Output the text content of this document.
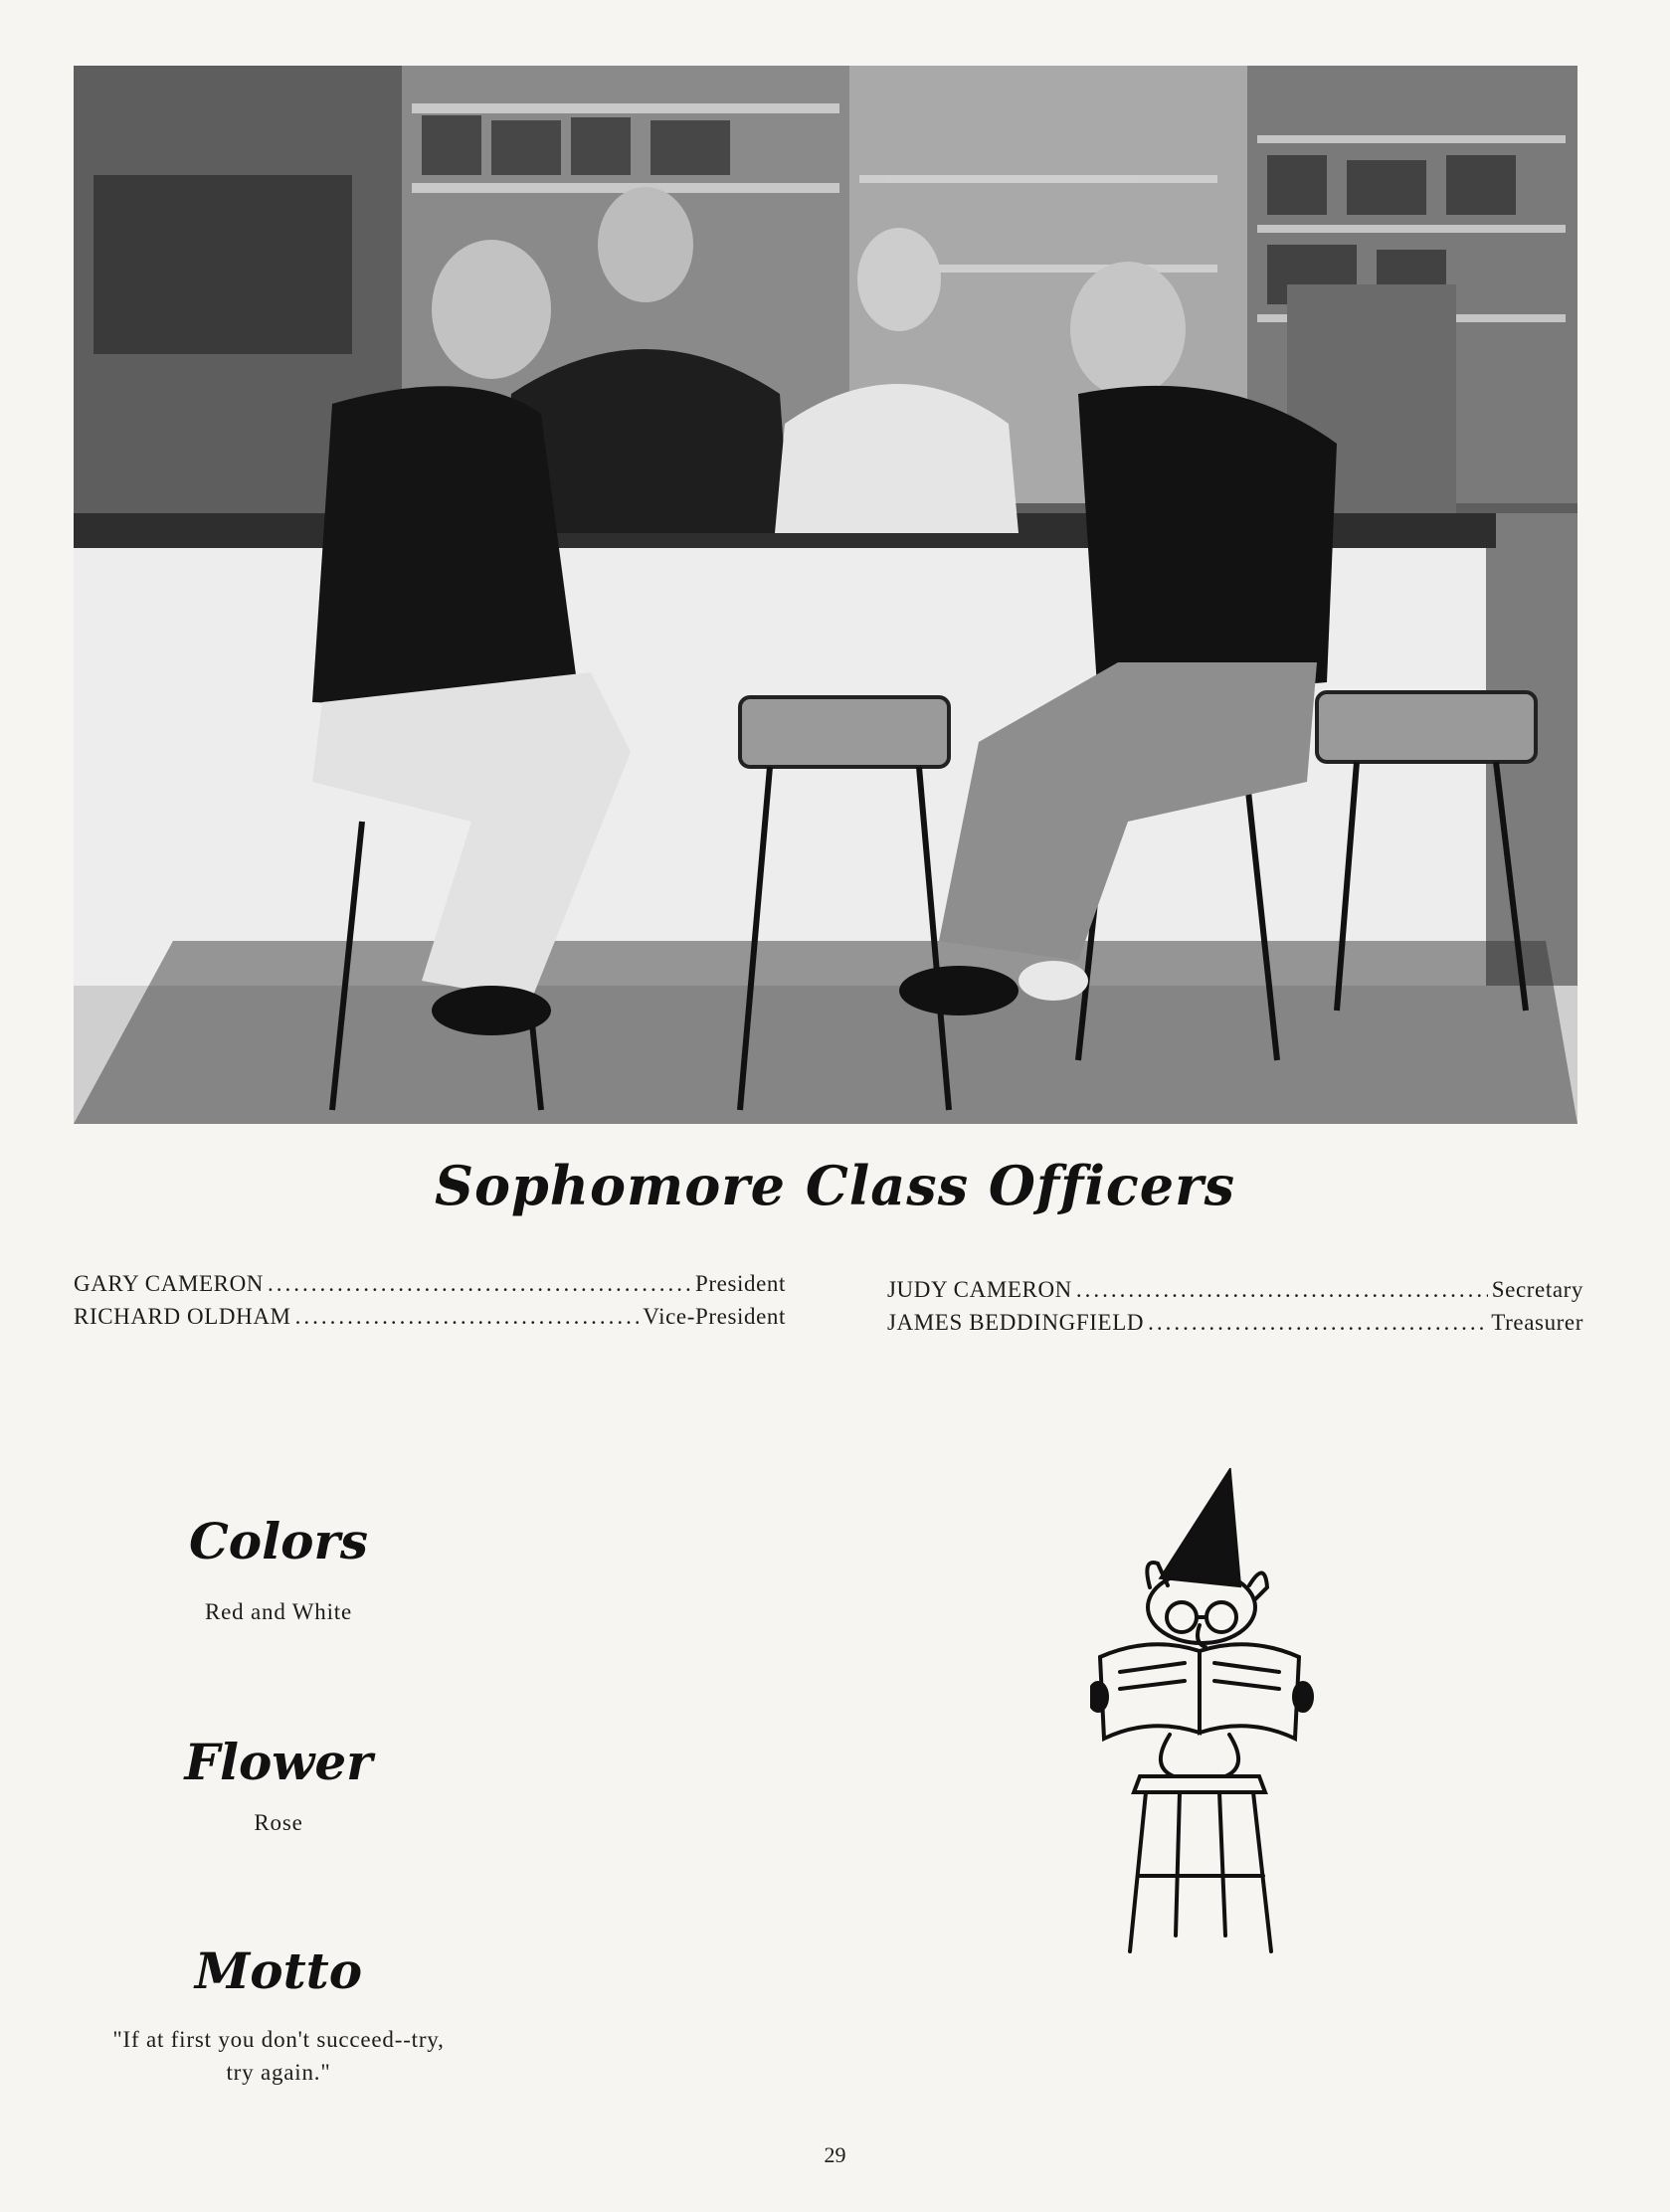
Sophomore Class Officers
GARY CAMERON .....	President
RICHARD OLDHAM .....	Vice-President
JUDY CAMERON .....	Secretary
JAMES BEDDINGFIELD .....	Treasurer
Colors
Red and White
Flower
Rose
Motto
"If at first you don't succeed--try,
try again."
29
